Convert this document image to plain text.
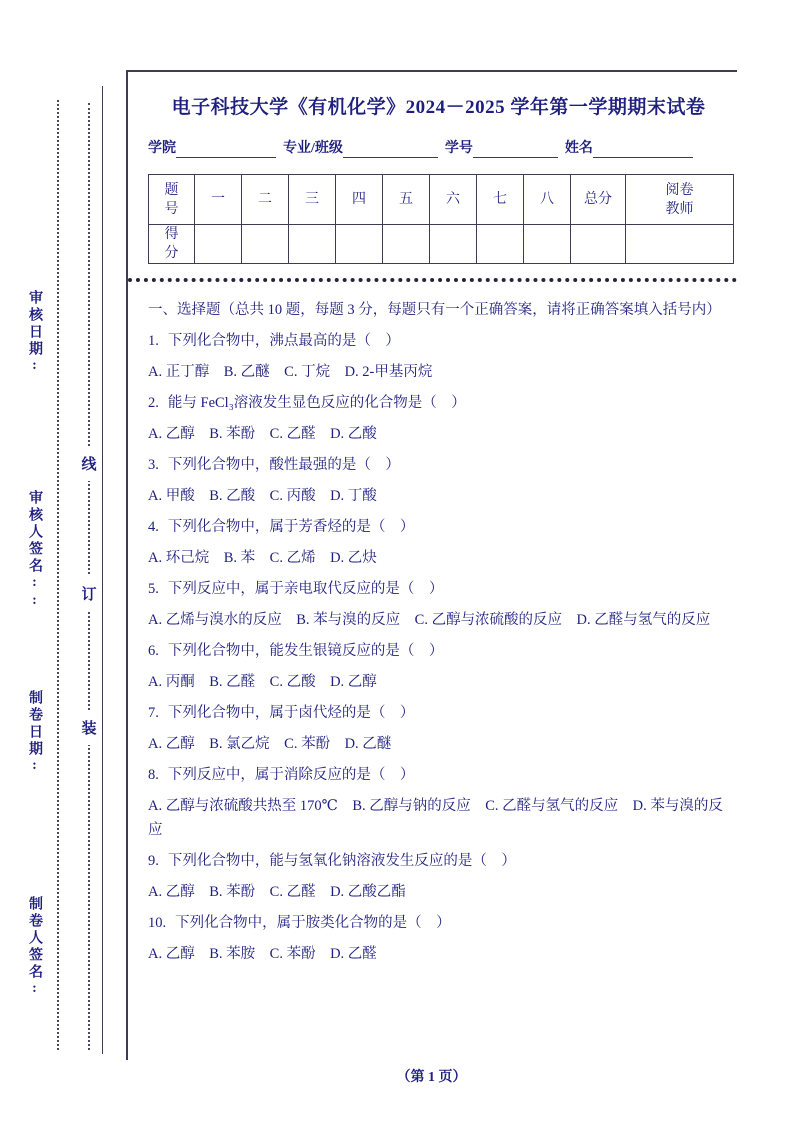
审核日期:
审核人签名::
制卷日期:
制卷人签名:
线
订
装
电子科技大学《有机化学》2024－2025 学年第一学期期末试卷
学院	专业/班级	学号	姓名
题号	一	二	三	四	五	六	七	八	总分	阅卷教师
得分										
一、选择题（总共 10 题，每题 3 分，每题只有一个正确答案，请将正确答案填入括号内）
1. 下列化合物中，沸点最高的是（　）
A. 正丁醇　B. 乙醚　C. 丁烷　D. 2-甲基丙烷
2. 能与 FeCl₃溶液发生显色反应的化合物是（　）
A. 乙醇　B. 苯酚　C. 乙醛　D. 乙酸
3. 下列化合物中，酸性最强的是（　）
A. 甲酸　B. 乙酸　C. 丙酸　D. 丁酸
4. 下列化合物中，属于芳香烃的是（　）
A. 环己烷　B. 苯　C. 乙烯　D. 乙炔
5. 下列反应中，属于亲电取代反应的是（　）
A. 乙烯与溴水的反应　B. 苯与溴的反应　C. 乙醇与浓硫酸的反应　D. 乙醛与氢气的反应
6. 下列化合物中，能发生银镜反应的是（　）
A. 丙酮　B. 乙醛　C. 乙酸　D. 乙醇
7. 下列化合物中，属于卤代烃的是（　）
A. 乙醇　B. 氯乙烷　C. 苯酚　D. 乙醚
8. 下列反应中，属于消除反应的是（　）
A. 乙醇与浓硫酸共热至 170℃　B. 乙醇与钠的反应　C. 乙醛与氢气的反应　D. 苯与溴的反应
9. 下列化合物中，能与氢氧化钠溶液发生反应的是（　）
A. 乙醇　B. 苯酚　C. 乙醛　D. 乙酸乙酯
10. 下列化合物中，属于胺类化合物的是（　）
A. 乙醇　B. 苯胺　C. 苯酚　D. 乙醛
（第 1 页）
